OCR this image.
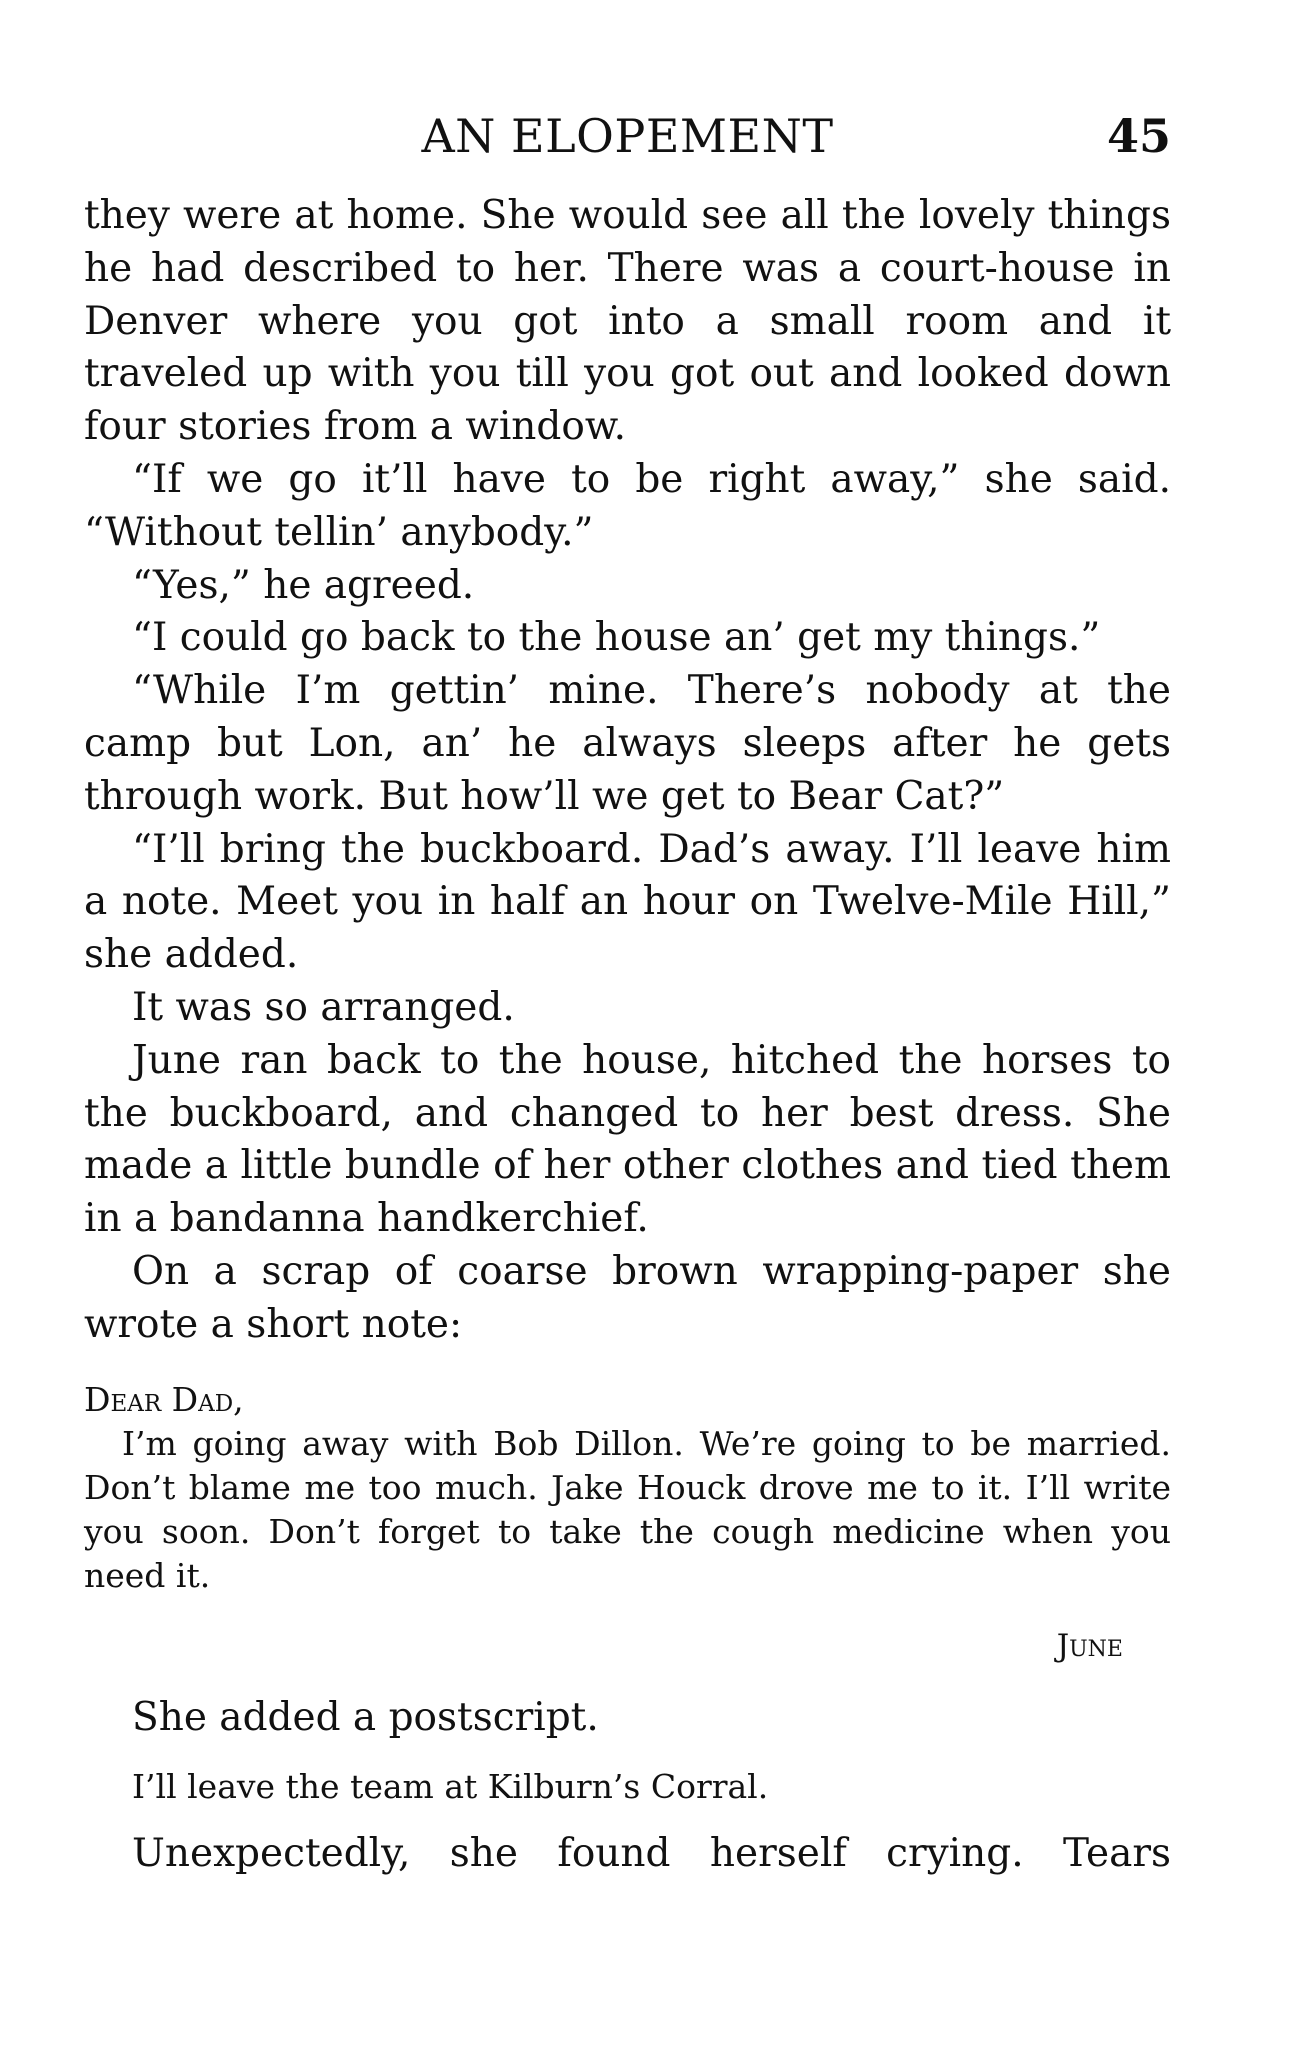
AN ELOPEMENT	45

they were at home. She would see all the lovely things he had described to her. There was a court-house in Denver where you got into a small room and it traveled up with you till you got out and looked down four stories from a window.

“If we go it’ll have to be right away,” she said. “Without tellin’ anybody.”

“Yes,” he agreed.

“I could go back to the house an’ get my things.”

“While I’m gettin’ mine. There’s nobody at the camp but Lon, an’ he always sleeps after he gets through work. But how’ll we get to Bear Cat?”

“I’ll bring the buckboard. Dad’s away. I’ll leave him a note. Meet you in half an hour on Twelve-Mile Hill,” she added.

It was so arranged.

June ran back to the house, hitched the horses to the buckboard, and changed to her best dress. She made a little bundle of her other clothes and tied them in a bandanna handkerchief.

On a scrap of coarse brown wrapping-paper she wrote a short note:

Dear Dad,

I’m going away with Bob Dillon. We’re going to be married. Don’t blame me too much. Jake Houck drove me to it. I’ll write you soon. Don’t forget to take the cough medicine when you need it.

June

She added a postscript.

I’ll leave the team at Kilburn’s Corral.

Unexpectedly, she found herself crying. Tears
